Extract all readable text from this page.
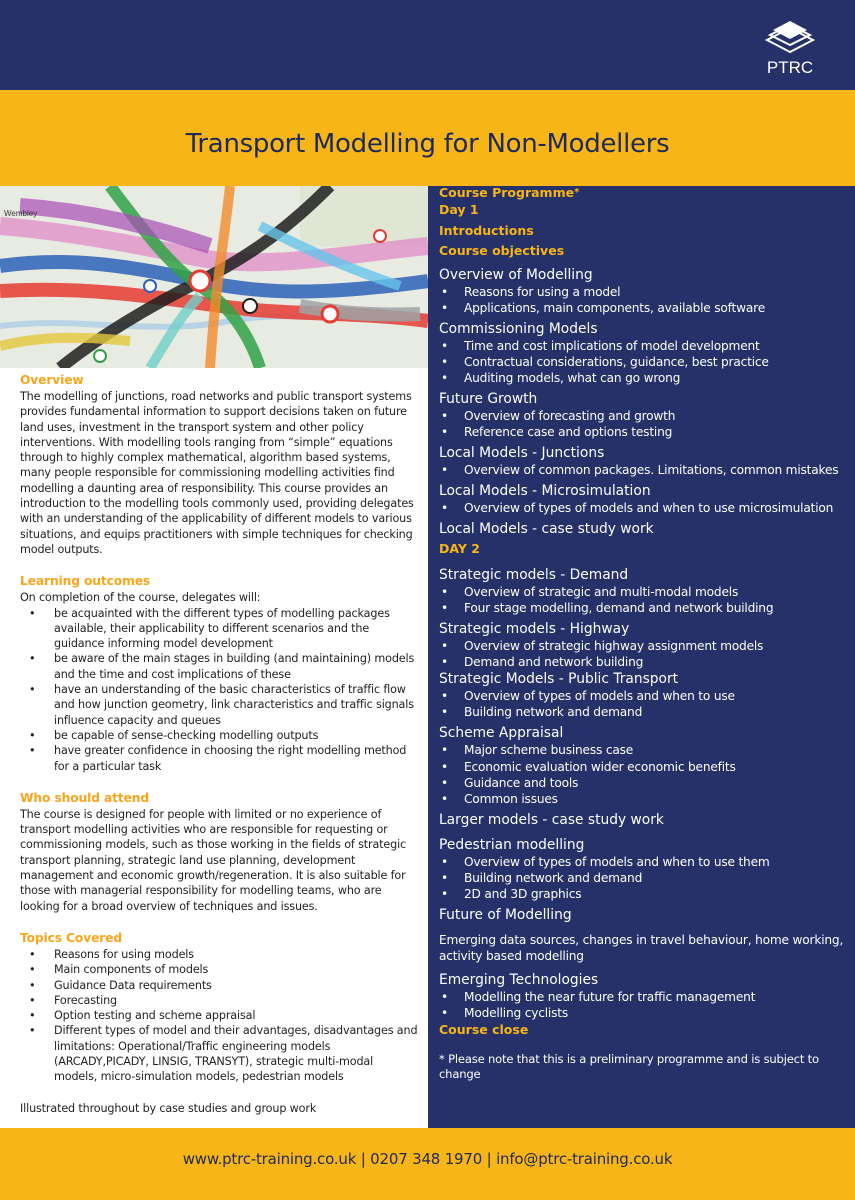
PTRC
Transport Modelling for Non-Modellers
Wembley
Overview

The modelling of junctions, road networks and public transport systems provides fundamental information to support decisions taken on future land uses, investment in the transport system and other policy interventions. With modelling tools ranging from “simple” equations through to highly complex mathematical, algorithm based systems, many people responsible for commissioning modelling activities find modelling a daunting area of responsibility. This course provides an introduction to the modelling tools commonly used, providing delegates with an understanding of the applicability of different models to various situations, and equips practitioners with simple techniques for checking model outputs.

Learning outcomes

On completion of the course, delegates will:

• be acquainted with the different types of modelling packages available, their applicability to different scenarios and the guidance informing model development
• be aware of the main stages in building (and maintaining) models and the time and cost implications of these
• have an understanding of the basic characteristics of traffic flow and how junction geometry, link characteristics and traffic signals influence capacity and queues
• be capable of sense-checking modelling outputs
• have greater confidence in choosing the right modelling method for a particular task
Who should attend

The course is designed for people with limited or no experience of transport modelling activities who are responsible for requesting or commissioning models, such as those working in the fields of strategic transport planning, strategic land use planning, development management and economic growth/regeneration. It is also suitable for those with managerial responsibility for modelling teams, who are looking for a broad overview of techniques and issues.

Topics Covered
• Reasons for using models
• Main components of models
• Guidance Data requirements
• Forecasting
• Option testing and scheme appraisal
• Different types of model and their advantages, disadvantages and limitations: Operational/Traffic engineering models (ARCADY,PICADY, LINSIG, TRANSYT), strategic multi-modal models, micro-simulation models, pedestrian models

Illustrated throughout by case studies and group work

Course Programme*
Day 1
Introductions
Course objectives
Overview of Modelling
• Reasons for using a model
• Applications, main components, available software
Commissioning Models
• Time and cost implications of model development
• Contractual considerations, guidance, best practice
• Auditing models, what can go wrong
Future Growth
• Overview of forecasting and growth
• Reference case and options testing
Local Models - Junctions
• Overview of common packages. Limitations, common mistakes
Local Models - Microsimulation
• Overview of types of models and when to use microsimulation
Local Models - case study work
DAY 2
Strategic models - Demand
• Overview of strategic and multi-modal models
• Four stage modelling, demand and network building
Strategic models - Highway
• Overview of strategic highway assignment models
• Demand and network building
Strategic Models - Public Transport
• Overview of types of models and when to use
• Building network and demand
Scheme Appraisal
• Major scheme business case
• Economic evaluation wider economic benefits
• Guidance and tools
• Common issues
Larger models - case study work
Pedestrian modelling
• Overview of types of models and when to use them
• Building network and demand
• 2D and 3D graphics
Future of Modelling
Emerging data sources, changes in travel behaviour, home working, activity based modelling
Emerging Technologies
• Modelling the near future for traffic management
• Modelling cyclists
Course close
* Please note that this is a preliminary programme and is subject to change
www.ptrc-training.co.uk | 0207 348 1970 | info@ptrc-training.co.uk
